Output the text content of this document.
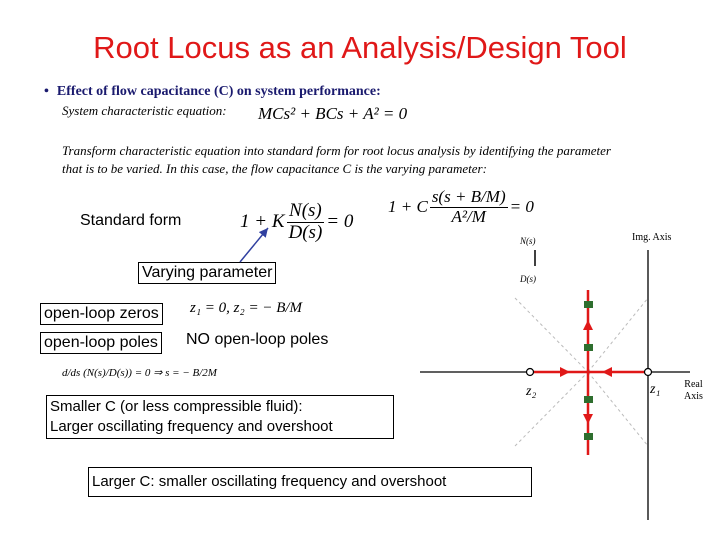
Root Locus as an Analysis/Design Tool
• Effect of flow capacitance (C) on system performance:
System characteristic equation: MCs² + BCs + A² = 0
Transform characteristic equation into standard form for root locus analysis by identifying the parameter
that is to be varied. In this case, the flow capacitance C is the varying parameter:
Standard form	1 + K $\frac{N(s)}{D(s)} = 0$
1 + C $\frac{s(s + B/M)}{\text{A²/M}} = 0$
N(s)
D(s)
Varying parameter
open-loop zeros z₁ = 0, z₂ = − B/M
open-loop poles NO open-loop poles
d/ds (N(s)/D(s)) = 0 ⇒ s = − B/2M
Smaller C (or less compressible fluid):
Larger oscillating frequency and overshoot
Larger C: smaller oscillating frequency and overshoot
z₂	z₁
Img. Axis
Real
Axis
